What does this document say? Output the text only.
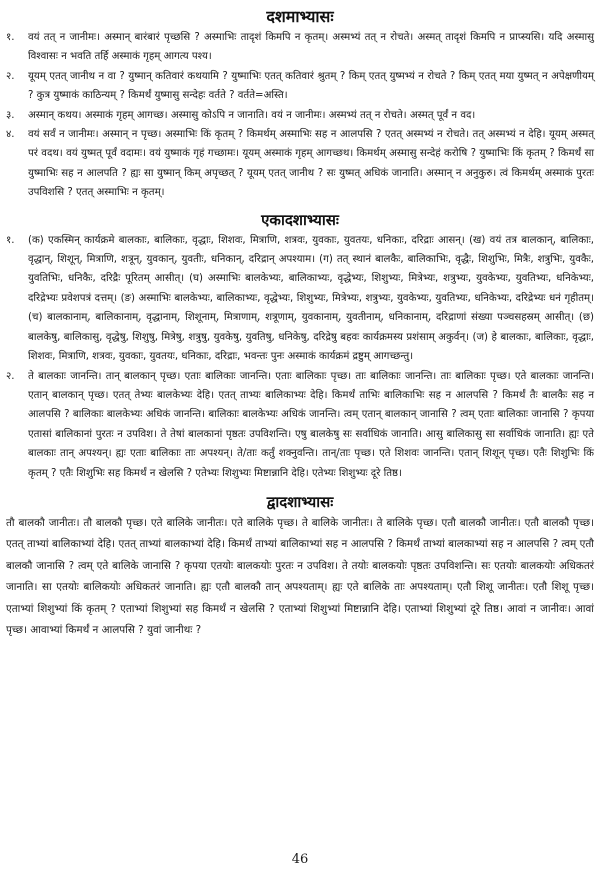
दशमाभ्यासः
१.	वयं तत् न जानीमः। अस्मान् बारंबारं पृच्छसि ? अस्माभिः तादृशं किमपि न कृतम्। अस्मभ्यं तत् न रोचते। अस्मत् तादृशं किमपि न प्राप्स्यसि। यदि अस्मासु विश्वासः न भवति तर्हि अस्माकं गृहम् आगत्य पश्य।
२.	यूयम् एतत् जानीथ न वा ? युष्मान् कतिवारं कथयामि ? युष्माभिः एतत् कतिवारं श्रुतम् ? किम् एतत् युष्मभ्यं न रोचते ? किम् एतत् मया युष्मत् न अपेक्षणीयम् ? कुत्र युष्माकं काठिन्यम् ? किमर्थं युष्मासु सन्देहः वर्तते ? वर्तते=अस्ति।
३.	अस्मान् कथय। अस्माकं गृहम् आगच्छ। अस्मासु कोऽपि न जानाति। वयं न जानीमः। अस्मभ्यं तत् न रोचते। अस्मत् पूर्वं न वद।
४.	वयं सर्वं न जानीमः। अस्मान् न पृच्छ। अस्माभिः किं कृतम् ? किमर्थम् अस्माभिः सह न आलपसि ? एतत् अस्मभ्यं न रोचते। तत् अस्मभ्यं न देहि। यूयम् अस्मत् परं वदथ। वयं युष्मत् पूर्वं वदामः। वयं युष्माकं गृहं गच्छामः। यूयम् अस्माकं गृहम् आगच्छथ। किमर्थम् अस्मासु सन्देहं करोषि ? युष्माभिः किं कृतम् ? किमर्थं सा युष्माभिः सह न आलपति ? ह्यः सा युष्मान् किम् अपृच्छत् ? यूयम् एतत् जानीथ ? सः युष्मत् अधिकं जानाति। अस्मान् न अनुकुरु। त्वं किमर्थम् अस्माकं पुरतः उपविशसि ? एतत् अस्माभिः न कृतम्।
एकादशाभ्यासः
१.	(क) एकस्मिन् कार्यक्रमे बालकाः, बालिकाः, वृद्धाः, शिशवः, मित्राणि, शत्रवः, युवकाः, युवतयः, धनिकाः, दरिद्राः आसन्। (ख) वयं तत्र बालकान्, बालिकाः, वृद्धान्, शिशून्, मित्राणि, शत्रून्, युवकान्, युवतीः, धनिकान्, दरिद्रान् अपश्याम। (ग) तत् स्थानं बालकैः, बालिकाभिः, वृद्धैः, शिशुभिः, मित्रैः, शत्रुभिः, युवकैः, युवतिभिः, धनिकैः, दरिद्रैः पूरितम् आसीत्। (घ) अस्माभिः बालकेभ्यः, बालिकाभ्यः, वृद्धेभ्यः, शिशुभ्यः, मित्रेभ्यः, शत्रुभ्यः, युवकेभ्यः, युवतिभ्यः, धनिकेभ्यः, दरिद्रेभ्यः प्रवेशपत्रं दत्तम्। (ङ) अस्माभिः बालकेभ्यः, बालिकाभ्यः, वृद्धेभ्यः, शिशुभ्यः, मित्रेभ्यः, शत्रुभ्यः, युवकेभ्यः, युवतिभ्यः, धनिकेभ्यः, दरिद्रेभ्यः धनं गृहीतम्। (च) बालकानाम्, बालिकानाम्, वृद्धानाम्, शिशूनाम्, मित्राणाम्, शत्रूणाम्, युवकानाम्, युवतीनाम्, धनिकानाम्, दरिद्राणां संख्या पञ्चसहस्रम् आसीत्। (छ) बालकेषु, बालिकासु, वृद्धेषु, शिशुषु, मित्रेषु, शत्रुषु, युवकेषु, युवतिषु, धनिकेषु, दरिद्रेषु बहवः कार्यक्रमस्य प्रशंसाम् अकुर्वन्। (ज) हे बालकाः, बालिकाः, वृद्धाः, शिशवः, मित्राणि, शत्रवः, युवकाः, युवतयः, धनिकाः, दरिद्राः, भवन्तः पुनः अस्माकं कार्यक्रमं द्रष्टुम् आगच्छन्तु।
२.	ते बालकाः जानन्ति। तान् बालकान् पृच्छ। एताः बालिकाः जानन्ति। एताः बालिकाः पृच्छ। ताः बालिकाः जानन्ति। ताः बालिकाः पृच्छ। एते बालकाः जानन्ति। एतान् बालकान् पृच्छ। एतत् तेभ्यः बालकेभ्यः देहि। एतत् ताभ्यः बालिकाभ्यः देहि। किमर्थं ताभिः बालिकाभिः सह न आलपसि ? किमर्थं तैः बालकैः सह न आलपसि ? बालिकाः बालकेभ्यः अधिकं जानन्ति। बालिकाः बालकेभ्यः अधिकं जानन्ति। त्वम् एतान् बालकान् जानासि ? त्वम् एताः बालिकाः जानासि ? कृपया एतासां बालिकानां पुरतः न उपविश। ते तेषां बालकानां पृष्ठतः उपविशन्ति। एषु बालकेषु सः सर्वाधिकं जानाति। आसु बालिकासु सा सर्वाधिकं जानाति। ह्यः एते बालकाः तान् अपश्यन्। ह्यः एताः बालिकाः ताः अपश्यन्। ते/ताः कर्तुं शक्नुवन्ति। तान्/ताः पृच्छ। एते शिशवः जानन्ति। एतान् शिशून् पृच्छ। एतैः शिशुभिः किं कृतम् ? एतैः शिशुभिः सह किमर्थं न खेलसि ? एतेभ्यः शिशुभ्यः मिष्टान्नानि देहि। एतेभ्यः शिशुभ्यः दूरे तिष्ठ।
द्वादशाभ्यासः
तौ बालकौ जानीतः। तौ बालकौ पृच्छ। एते बालिके जानीतः। एते बालिके पृच्छ। ते बालिके जानीतः। ते बालिके पृच्छ। एतौ बालकौ जानीतः। एतौ बालकौ पृच्छ। एतत् ताभ्यां बालिकाभ्यां देहि। एतत् ताभ्यां बालकाभ्यां देहि। किमर्थं ताभ्यां बालिकाभ्यां सह न आलपसि ? किमर्थं ताभ्यां बालकाभ्यां सह न आलपसि ? त्वम् एतौ बालकौ जानासि ? त्वम् एते बालिके जानासि ? कृपया एतयोः बालकयोः पुरतः न उपविश। ते तयोः बालकयोः पृष्ठतः उपविशन्ति। सः एतयोः बालकयोः अधिकतरं जानाति। सा एतयोः बालिकयोः अधिकतरं जानाति। ह्यः एतौ बालकौ तान् अपश्यताम्। ह्यः एते बालिके ताः अपश्यताम्। एतौ शिशू जानीतः। एतौ शिशू पृच्छ। एताभ्यां शिशुभ्यां किं कृतम् ? एताभ्यां शिशुभ्यां सह किमर्थं न खेलसि ? एताभ्यां शिशुभ्यां मिष्टान्नानि देहि। एताभ्यां शिशुभ्यां दूरे तिष्ठ। आवां न जानीवः। आवां पृच्छ। आवाभ्यां किमर्थं न आलपसि ? युवां जानीथः ?
46
